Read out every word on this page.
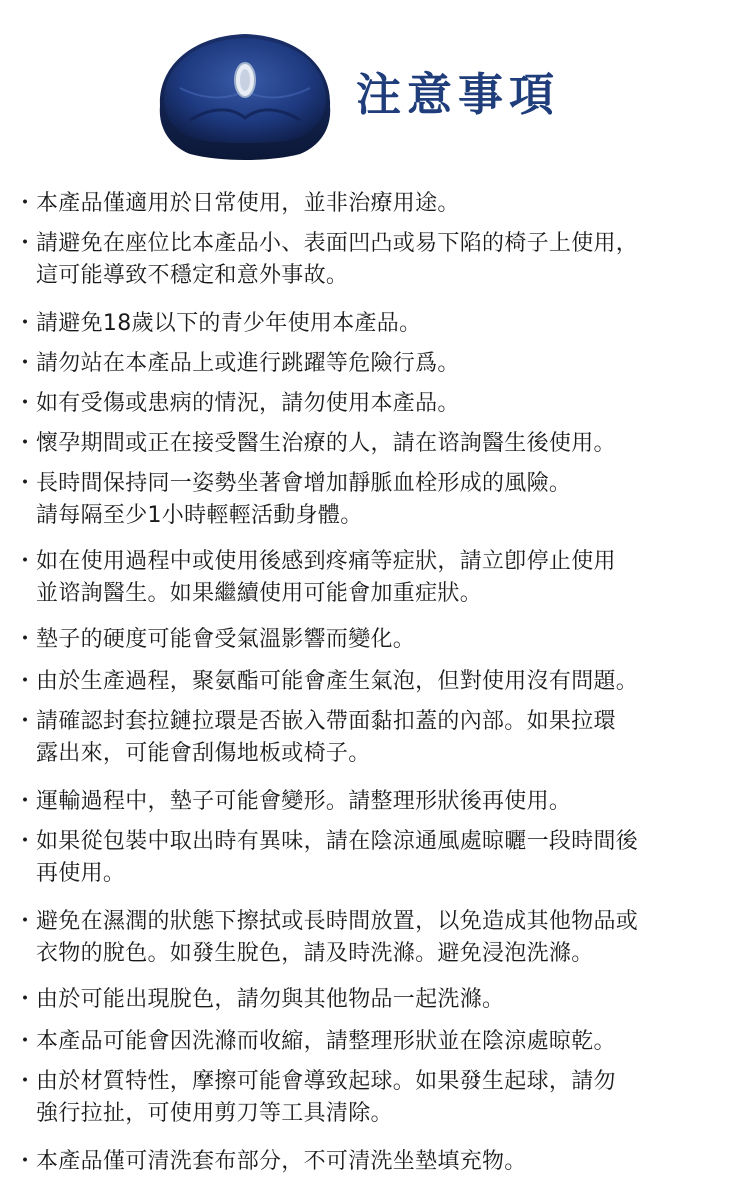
注意事項
・ 本產品僅適用於日常使用，並非治療用途。
・ 請避免在座位比本產品小、表面凹凸或易下陷的椅子上使用，
這可能導致不穩定和意外事故。
・ 請避免18歲以下的青少年使用本產品。
・ 請勿站在本產品上或進行跳躍等危險行爲。
・ 如有受傷或患病的情況，請勿使用本產品。
・ 懷孕期間或正在接受醫生治療的人，請在谘詢醫生後使用。
・ 長時間保持同一姿勢坐著會增加靜脈血栓形成的風險。
請每隔至少1小時輕輕活動身體。
・ 如在使用過程中或使用後感到疼痛等症狀，請立卽停止使用
並谘詢醫生。如果繼續使用可能會加重症狀。
・ 墊子的硬度可能會受氣溫影響而變化。
・ 由於生產過程，聚氨酯可能會產生氣泡，但對使用沒有問題。
・ 請確認封套拉鏈拉環是否嵌入帶面黏扣蓋的內部。如果拉環
露出來，可能會刮傷地板或椅子。
・ 運輸過程中，墊子可能會變形。請整理形狀後再使用。
・ 如果從包裝中取出時有異味，請在陰涼通風處晾曬一段時間後
再使用。
・ 避免在濕潤的狀態下擦拭或長時間放置，以免造成其他物品或
衣物的脫色。如發生脫色，請及時洗滌。避免浸泡洗滌。
・ 由於可能出現脫色，請勿與其他物品一起洗滌。
・ 本產品可能會因洗滌而收縮，請整理形狀並在陰涼處晾乾。
・ 由於材質特性，摩擦可能會導致起球。如果發生起球，請勿
強行拉扯，可使用剪刀等工具清除。
・ 本產品僅可清洗套布部分，不可清洗坐墊填充物。
